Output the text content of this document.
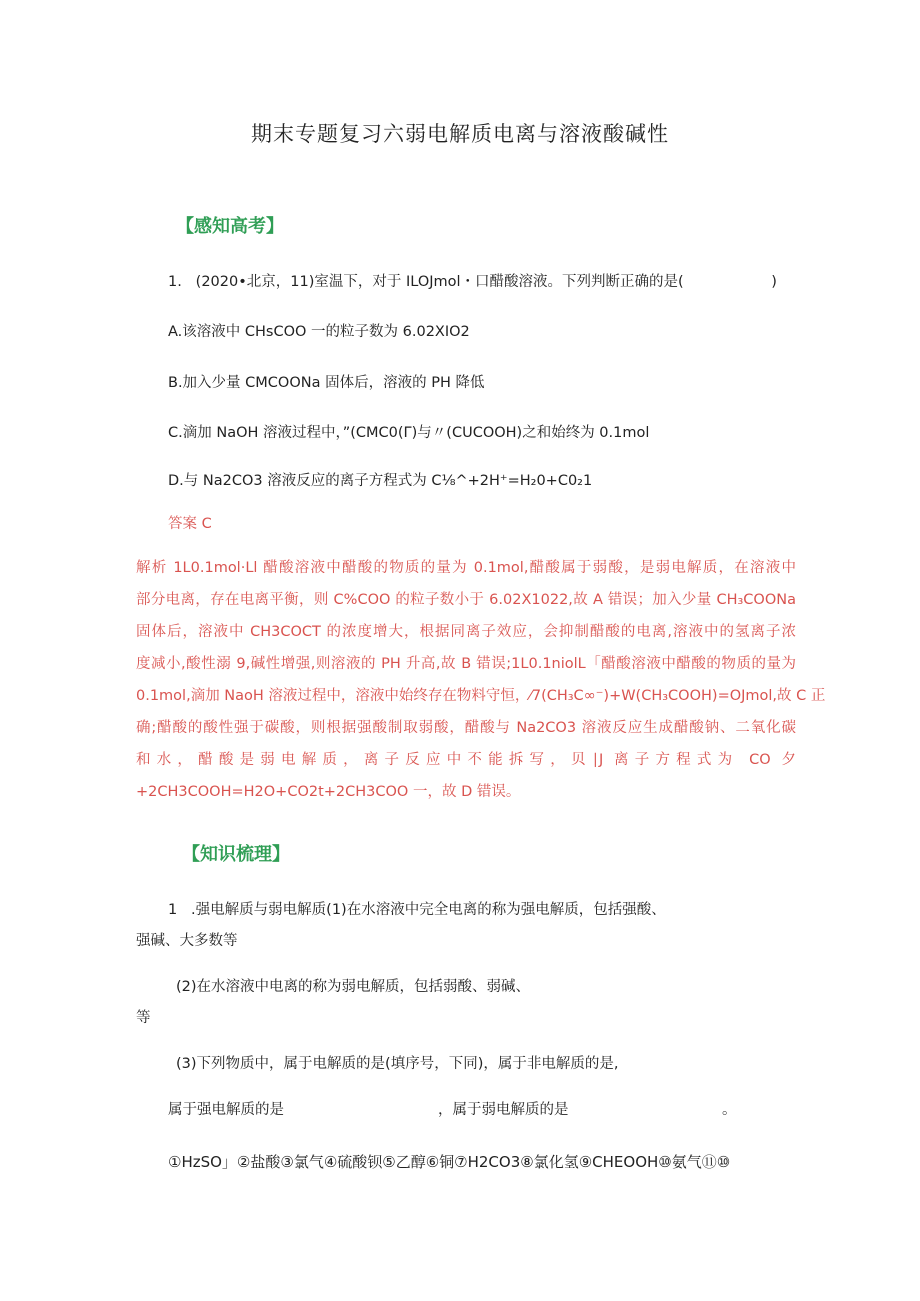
期末专题复习六弱电解质电离与溶液酸碱性
【感知高考】
1.   (2020•北京，11)室温下，对于 ILOJmol・口醋酸溶液。下列判断正确的是(                   )
A.该溶液中 CHsCOO 一的粒子数为 6.02XIO2
B.加入少量 CMCOONa 固体后，溶液的 PH 降低
C.滴加 NaOH 溶液过程中，”(CMC0(Γ)与〃(CUCOOH)之和始终为 0.1mol
D.与 Na2CO3 溶液反应的离子方程式为 C⅛^+2H⁺=H₂0+C0₂1
答案 C
解析 1L0.1mol·Ll 醋酸溶液中醋酸的物质的量为 0.1mol,醋酸属于弱酸，是弱电解质，在溶液中
部分电离，存在电离平衡，则 C%COO 的粒子数小于 6.02X1022,故 A 错误；加入少量 CH₃COONa
固体后，溶液中 CH3COCT 的浓度增大，根据同离子效应，会抑制醋酸的电离,溶液中的氢离子浓
度减小,酸性溺 9,碱性增强,则溶液的 PH 升高,故 B 错误;1L0.1niolL「醋酸溶液中醋酸的物质的量为
0.1mol,滴加 NaoH 溶液过程中，溶液中始终存在物料守恒，⁄7(CH₃C∞⁻)+W(CH₃COOH)=OJmol,故 C 正
确;醋酸的酸性强于碳酸，则根据强酸制取弱酸，醋酸与 Na2CO3 溶液反应生成醋酸钠、二氧化碳
和水，醋酸是弱电解质，离子反应中不能拆写，贝∣J 离子方程式为 CO 夕
+2CH3COOH=H2O+CO2t+2CH3COO 一，故 D 错误。
【知识梳理】
1   .强电解质与弱电解质(1)在水溶液中完全电离的称为强电解质，包括强酸、
强碱、大多数等
(2)在水溶液中电离的称为弱电解质，包括弱酸、弱碱、
等
(3)下列物质中，属于电解质的是(填序号，下同)，属于非电解质的是,
属于强电解质的是	，属于弱电解质的是	。
①HzSO」②盐酸③氯气④硫酸钡⑤乙醇⑥铜⑦H2CO3⑧氯化氢⑨CHEOOH⑩氨气⑪⑩
